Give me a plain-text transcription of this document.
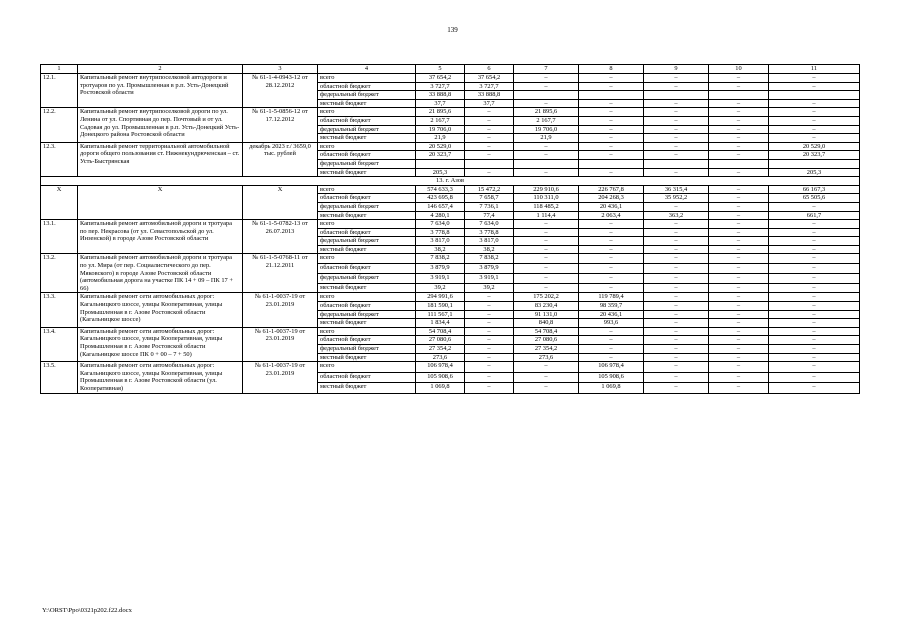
139
1	2	3	4	5	6	7	8	9	10	11
12.1.	Капитальный ремонт внутрипоселковой автодороги и тротуаров по ул. Промышленная в р.п. Усть-Донецкий Ростовской области	№ 61-1-4-0943-12 от 28.12.2012	всего	37 654,2	37 654,2	–	–	–	–	–
			областной бюджет	3 727,7	3 727,7	–	–	–	–	–
			федеральный бюджет	33 888,8	33 888,8					
			местный бюджет	37,7	37,7	–	–	–	–	–
12.2.	Капитальный ремонт внутрипоселковой дороги по ул. Ленина от ул. Спортивная до пер. Почтовый и от ул. Садовая до ул. Промышленная в р.п. Усть-Донецкий Усть-Донецкого района Ростовской области	№ 61-1-5-0856-12 от 17.12.2012	всего	21 895,6	–	21 895,6	–	–	–	–
			областной бюджет	2 167,7	–	2 167,7	–	–	–	–
			федеральный бюджет	19 706,0	–	19 706,0	–	–	–	–
			местный бюджет	21,9	–	21,9	–	–	–	–
12.3.	Капитальный ремонт территориальной автомобильной дороги общего пользования ст. Нижнекундрюченская – ст. Усть-Быстрянская	декабрь 2023 г./ 3659,0 тыс. рублей	всего	20 529,0	–	–	–	–	–	20 529,0
			областной бюджет	20 323,7	–	–	–	–	–	20 323,7
			федеральный бюджет							
			местный бюджет	205,3	–	–	–	–	–	205,3
13. г. Азов										
Х	Х	Х	всего	574 633,3	15 472,2	229 910,6	226 767,8	36 315,4	–	66 167,3
			областной бюджет	423 695,8	7 658,7	110 311,0	204 268,3	35 952,2	–	65 505,6
			федеральный бюджет	146 657,4	7 736,1	118 485,2	20 436,1	–	–	–
			местный бюджет	4 280,1	77,4	1 114,4	2 063,4	363,2	–	661,7
13.1.	Капитальный ремонт автомобильной дороги и тротуара по пер. Некрасова (от ул. Севастопольской до ул. Инзенской) в городе Азове Ростовской области	№ 61-1-5-0782-13 от 26.07.2013	всего	7 634,0	7 634,0	–	–	–	–	–
			областной бюджет	3 778,8	3 778,8	–	–	–	–	–
			федеральный бюджет	3 817,0	3 817,0	–	–	–	–	–
			местный бюджет	38,2	38,2	–	–	–	–	–
13.2.	Капитальный ремонт автомобильной дороги и тротуара по ул. Мира (от пер. Социалистического до пер. Мяковского) в городе Азове Ростовской области (автомобильная дорога на участке ПК 14 + 09 – ПК 17 + 66)	№ 61-1-5-0768-11 от 21.12.2011	всего	7 838,2	7 838,2	–	–	–	–	–
			областной бюджет	3 879,9	3 879,9	–	–	–	–	–
			федеральный бюджет	3 919,1	3 919,1	–	–	–	–	–
			местный бюджет	39,2	39,2	–	–	–	–	–
13.3.	Капитальный ремонт сети автомобильных дорог: Кагальницкого шоссе, улицы Кооперативная, улицы Промышленная в г. Азове Ростовской области (Кагальницкое шоссе)	№ 61-1-0037-19 от 23.01.2019	всего	294 991,6	–	175 202,2	119 789,4	–	–	–
			областной бюджет	181 590,1	–	83 230,4	98 359,7	–	–	–
			федеральный бюджет	111 567,1	–	91 131,0	20 436,1	–	–	–
			местный бюджет	1 834,4	–	840,8	993,6	–	–	–
13.4.	Капитальный ремонт сети автомобильных дорог: Кагальницкого шоссе, улицы Кооперативная, улицы Промышленная в г. Азове Ростовской области (Кагальницкое шоссе ПК 0 + 00 – 7 + 50)	№ 61-1-0037-19 от 23.01.2019	всего	54 708,4	–	54 708,4	–	–	–	–
			областной бюджет	27 080,6	–	27 080,6	–	–	–	–
			федеральный бюджет	27 354,2	–	27 354,2	–	–	–	–
			местный бюджет	273,6	–	273,6	–	–	–	–
13.5.	Капитальный ремонт сети автомобильных дорог: Кагальницкого шоссе, улицы Кооперативная, улицы Промышленная в г. Азове Ростовской области (ул. Кооперативная)	№ 61-1-0037-19 от 23.01.2019	всего	106 978,4	–	–	106 978,4	–	–	–
			областной бюджет	105 908,6	–	–	105 908,6	–	–	–
			местный бюджет	1 069,8	–	–	1 069,8	–	–	–
Y:\ORST\Ppo\0321p202.f22.docx
